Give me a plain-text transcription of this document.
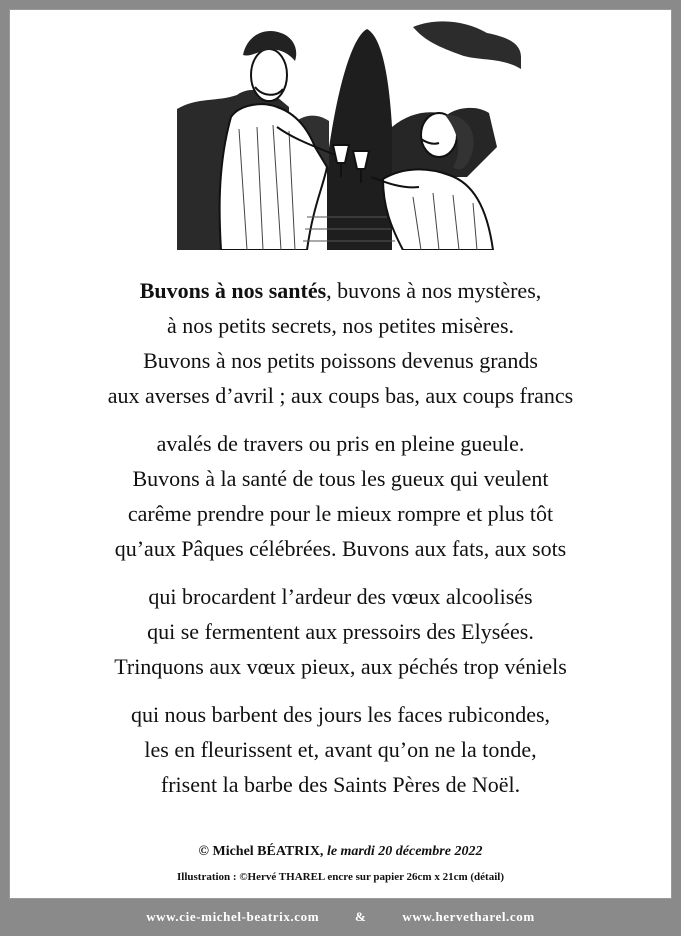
Buvons à nos santés, buvons à nos mystères,
à nos petits secrets, nos petites misères.
Buvons à nos petits poissons devenus grands
aux averses d’avril ; aux coups bas, aux coups francs
avalés de travers ou pris en pleine gueule.
Buvons à la santé de tous les gueux qui veulent
carême prendre pour le mieux rompre et plus tôt
qu’aux Pâques célébrées. Buvons aux fats, aux sots
qui brocardent l’ardeur des vœux alcoolisés
qui se fermentent aux pressoirs des Elysées.
Trinquons aux vœux pieux, aux péchés trop véniels
qui nous barbent des jours les faces rubicondes,
les en fleurissent et, avant qu’on ne la tonde,
frisent la barbe des Saints Pères de Noël.
© Michel BÉATRIX, le mardi 20 décembre 2022
Illustration : ©Hervé THAREL encre sur papier 26cm x 21cm (détail)
www.cie-michel-beatrix.com	&	www.hervetharel.com
